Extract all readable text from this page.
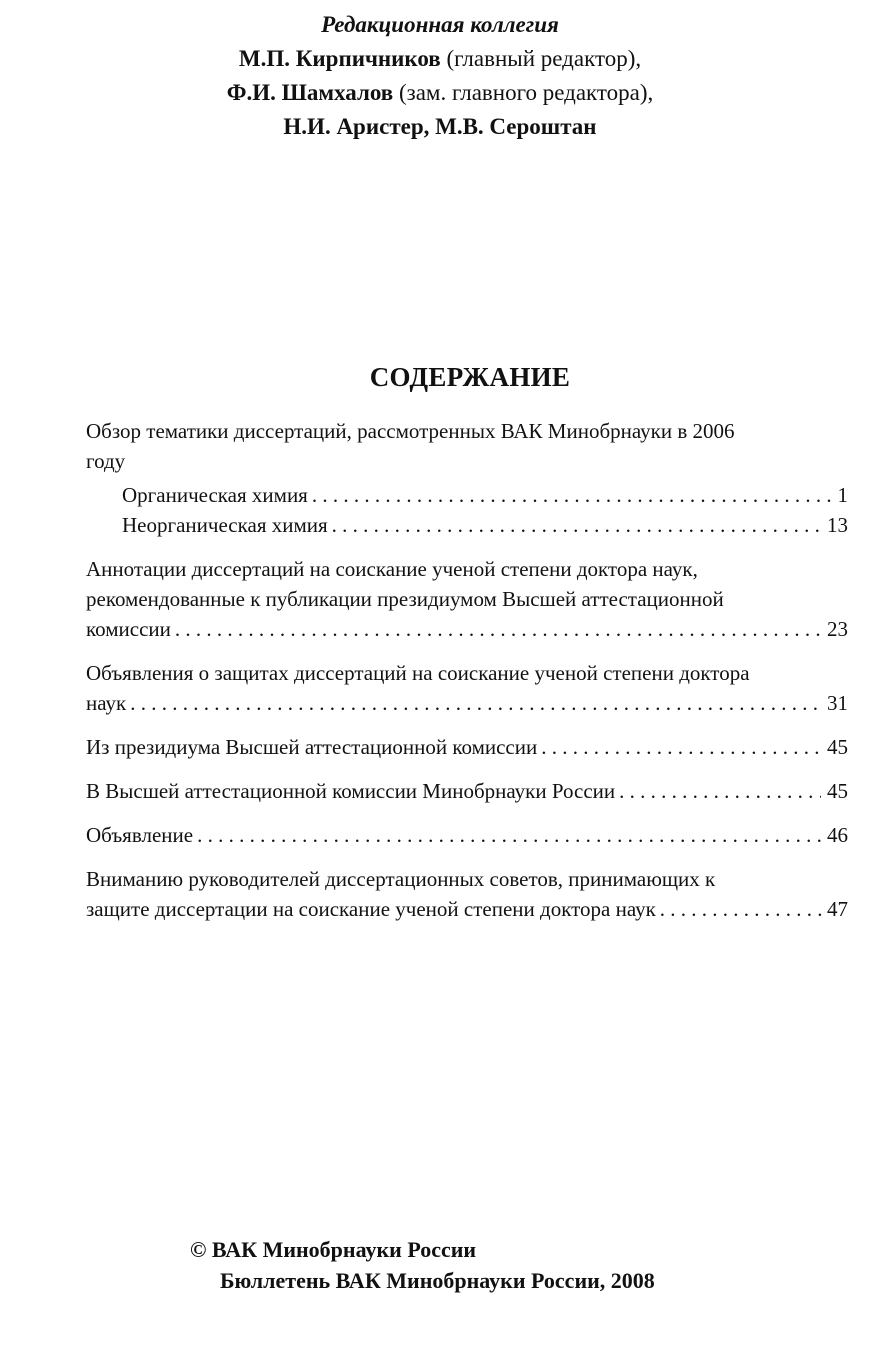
Редакционная коллегия
М.П. Кирпичников (главный редактор),
Ф.И. Шамхалов (зам. главного редактора),
Н.И. Аристер, М.В. Сероштан
СОДЕРЖАНИЕ
Обзор тематики диссертаций, рассмотренных ВАК Минобрнауки в 2006
году
Органическая химия . . .	1
Неорганическая химия . . .	13
Аннотации диссертаций на соискание ученой степени доктора наук,
рекомендованные к публикации президиумом Высшей аттестационной
комиссии . . .	23
Объявления о защитах диссертаций на соискание ученой степени доктора
наук . . .	31
Из президиума Высшей аттестационной комиссии . . .	45
В Высшей аттестационной комиссии Минобрнауки России . . .	45
Объявление . . .	46
Вниманию руководителей диссертационных советов, принимающих к
защите диссертации на соискание ученой степени доктора наук . . .	47
© ВАК Минобрнауки России
Бюллетень ВАК Минобрнауки России, 2008
